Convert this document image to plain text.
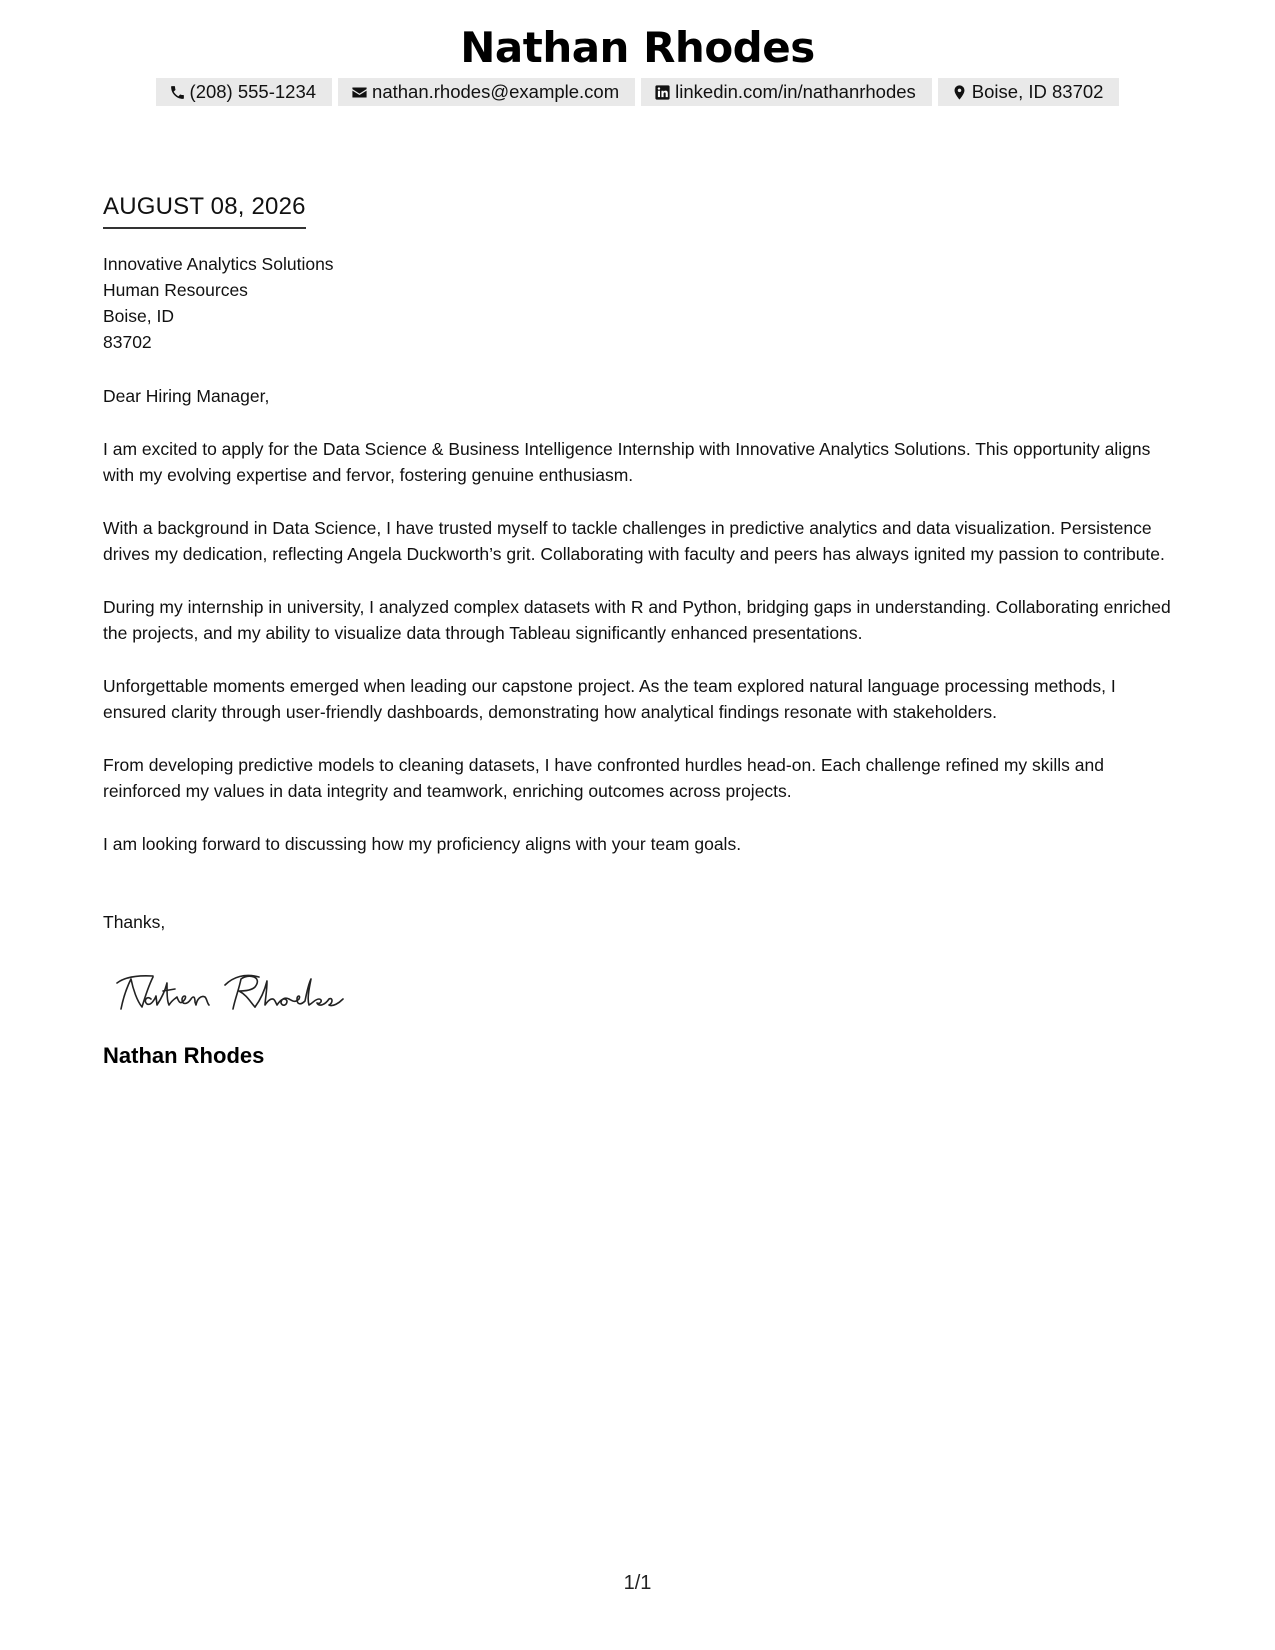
Nathan Rhodes
(208) 555-1234	nathan.rhodes@example.com	linkedin.com/in/nathanrhodes	Boise, ID 83702
AUGUST 08, 2026
Innovative Analytics Solutions
Human Resources
Boise, ID
83702
Dear Hiring Manager,
I am excited to apply for the Data Science & Business Intelligence Internship with Innovative Analytics Solutions. This opportunity aligns with my evolving expertise and fervor, fostering genuine enthusiasm.
With a background in Data Science, I have trusted myself to tackle challenges in predictive analytics and data visualization. Persistence drives my dedication, reflecting Angela Duckworth’s grit. Collaborating with faculty and peers has always ignited my passion to contribute.
During my internship in university, I analyzed complex datasets with R and Python, bridging gaps in understanding. Collaborating enriched the projects, and my ability to visualize data through Tableau significantly enhanced presentations.
Unforgettable moments emerged when leading our capstone project. As the team explored natural language processing methods, I ensured clarity through user-friendly dashboards, demonstrating how analytical findings resonate with stakeholders.
From developing predictive models to cleaning datasets, I have confronted hurdles head-on. Each challenge refined my skills and reinforced my values in data integrity and teamwork, enriching outcomes across projects.
I am looking forward to discussing how my proficiency aligns with your team goals.
Thanks,
Nathan Rhodes
1/1
